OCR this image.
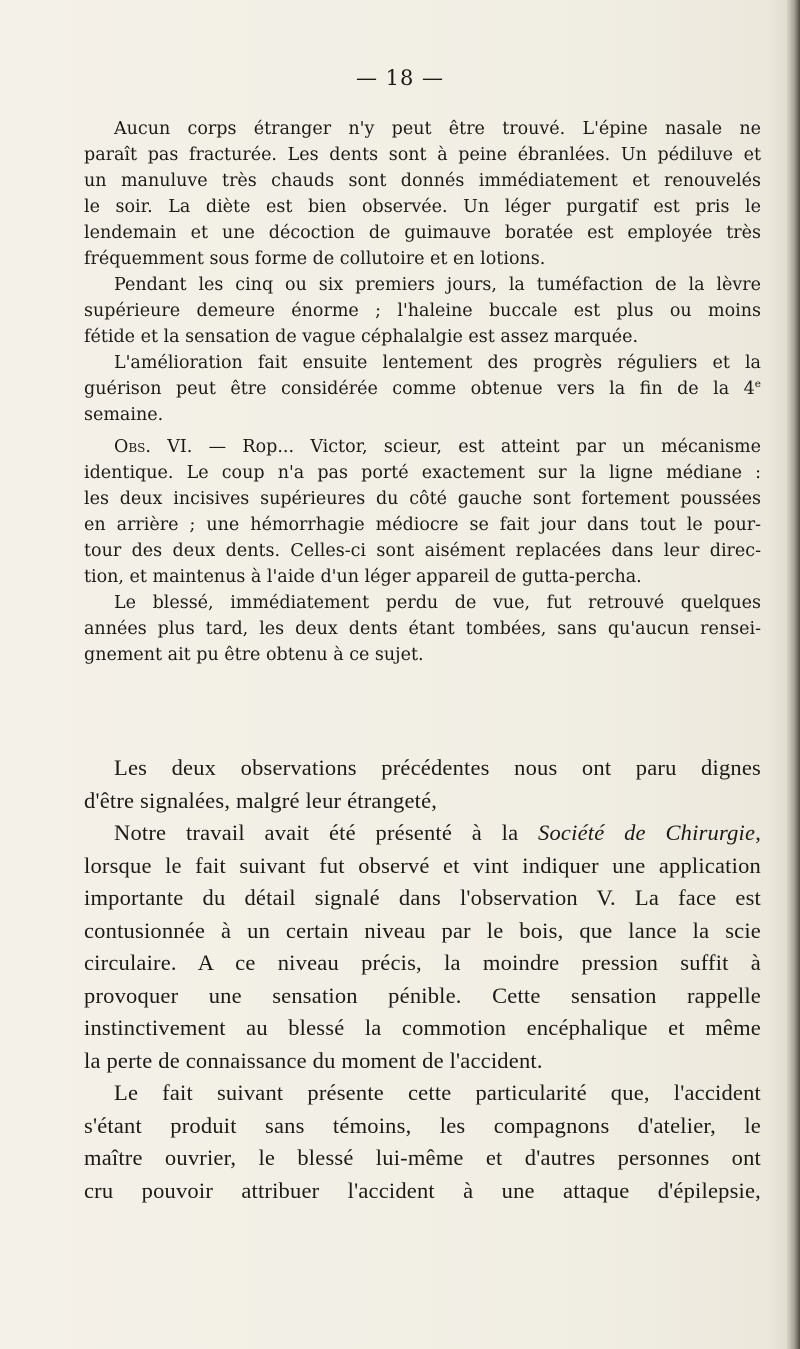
— 18 —
Aucun corps étranger n'y peut être trouvé. L'épine nasale ne
paraît pas fracturée. Les dents sont à peine ébranlées. Un pédiluve et
un manuluve très chauds sont donnés immédiatement et renouvelés
le soir. La diète est bien observée. Un léger purgatif est pris le
lendemain et une décoction de guimauve boratée est employée très
fréquemment sous forme de collutoire et en lotions.
Pendant les cinq ou six premiers jours, la tuméfaction de la lèvre
supérieure demeure énorme ; l'haleine buccale est plus ou moins
fétide et la sensation de vague céphalalgie est assez marquée.
L'amélioration fait ensuite lentement des progrès réguliers et la
guérison peut être considérée comme obtenue vers la fin de la 4e
semaine.
Obs. VI. — Rop... Victor, scieur, est atteint par un mécanisme
identique. Le coup n'a pas porté exactement sur la ligne médiane :
les deux incisives supérieures du côté gauche sont fortement poussées
en arrière ; une hémorrhagie médiocre se fait jour dans tout le pour-
tour des deux dents. Celles-ci sont aisément replacées dans leur direc-
tion, et maintenus à l'aide d'un léger appareil de gutta-percha.
Le blessé, immédiatement perdu de vue, fut retrouvé quelques
années plus tard, les deux dents étant tombées, sans qu'aucun rensei-
gnement ait pu être obtenu à ce sujet.
Les deux observations précédentes nous ont paru dignes
d'être signalées, malgré leur étrangeté,
Notre travail avait été présenté à la Société de Chirurgie,
lorsque le fait suivant fut observé et vint indiquer une application
importante du détail signalé dans l'observation V. La face est
contusionnée à un certain niveau par le bois, que lance la scie
circulaire. A ce niveau précis, la moindre pression suffit à
provoquer une sensation pénible. Cette sensation rappelle
instinctivement au blessé la commotion encéphalique et même
la perte de connaissance du moment de l'accident.
Le fait suivant présente cette particularité que, l'accident
s'étant produit sans témoins, les compagnons d'atelier, le
maître ouvrier, le blessé lui-même et d'autres personnes ont
cru pouvoir attribuer l'accident à une attaque d'épilepsie,
